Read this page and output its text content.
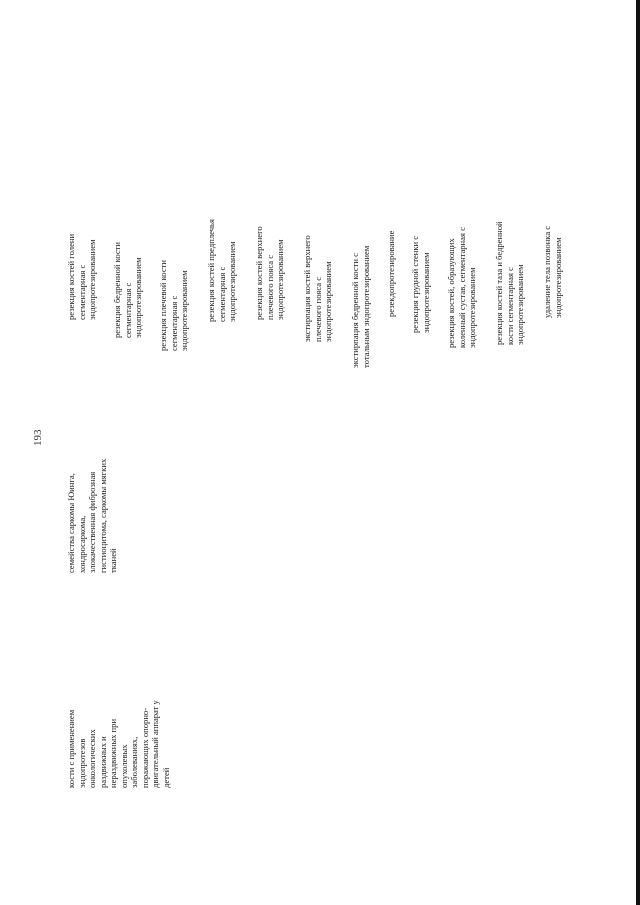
193
кости с применением эндопротезов онкологических раздвижных и нераздвижных при опухолевых заболеваниях, поражающих опорно- двигательный аппарат у детей
семейства саркомы Юинга, хондросаркома, злокачественная фиброзная гистиоцитома, саркомы мягких тканей
резекция костей голени сегментарная с эндопротезированием резекция бедренной кости сегментарная с эндопротезированием резекция плечевой кости сегментарная с эндопротезированием резекция костей предплечья сегментарная с эндопротезированием резекция костей верхнего плечевого пояса с эндопротезированием экстирпация костей верхнего плечевого пояса с эндопротезированием экстирпация бедренной кости с тотальным эндопротезированием резекдопротезирование резекция грудной стенки с эндопротезированием резекция костей, образующих коленный сустав, сегментарная с эндопротезированием резекция костей таза и бедренной кости сегментарная с эндопротезированием удаление тела позвонка с эндопротезированием
